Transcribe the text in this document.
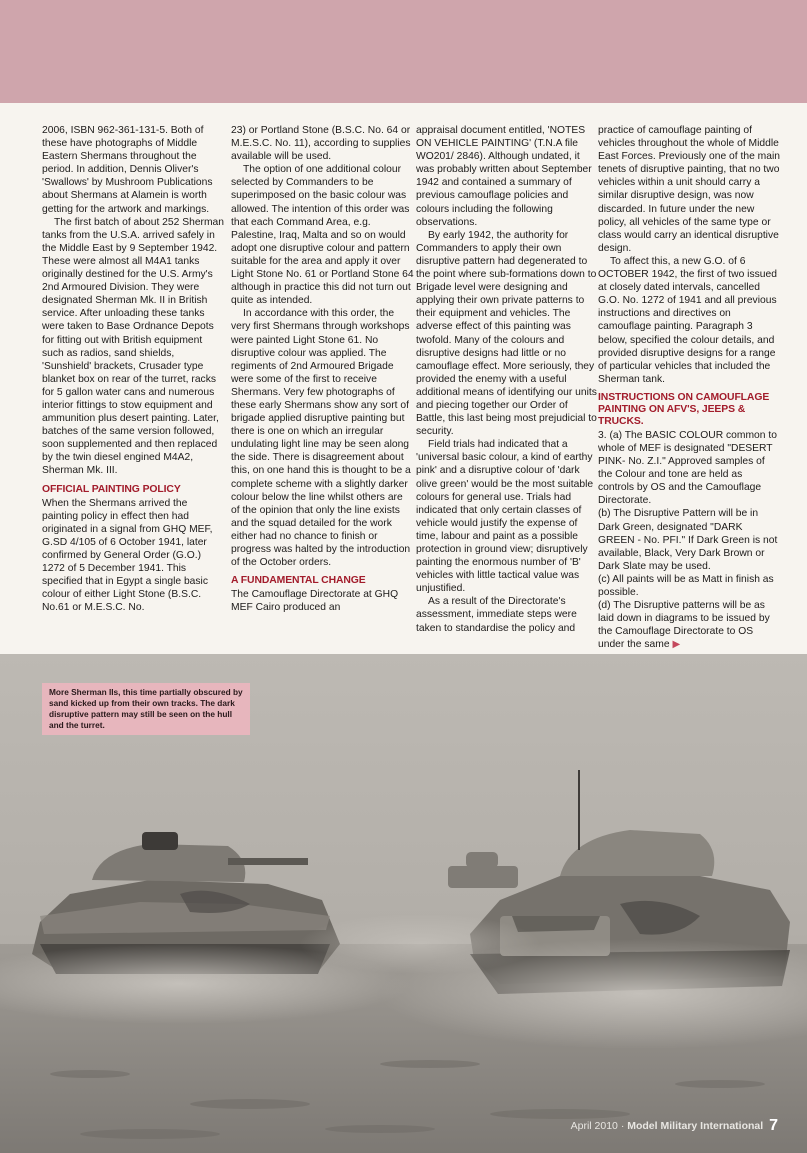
2006, ISBN 962-361-131-5. Both of these have photographs of Middle Eastern Shermans throughout the period. In addition, Dennis Oliver's 'Swallows' by Mushroom Publications about Shermans at Alamein is worth getting for the artwork and markings.

The first batch of about 252 Sherman tanks from the U.S.A. arrived safely in the Middle East by 9 September 1942. These were almost all M4A1 tanks originally destined for the U.S. Army's 2nd Armoured Division. They were designated Sherman Mk. II in British service. After unloading these tanks were taken to Base Ordnance Depots for fitting out with British equipment such as radios, sand shields, 'Sunshield' brackets, Crusader type blanket box on rear of the turret, racks for 5 gallon water cans and numerous interior fittings to stow equipment and ammunition plus desert painting. Later, batches of the same version followed, soon supplemented and then replaced by the twin diesel engined M4A2, Sherman Mk. III.

OFFICIAL PAINTING POLICY

When the Shermans arrived the painting policy in effect then had originated in a signal from GHQ MEF, G.SD 4/105 of 6 October 1941, later confirmed by General Order (G.O.) 1272 of 5 December 1941. This specified that in Egypt a single basic colour of either Light Stone (B.S.C. No.61 or M.E.S.C. No.

23) or Portland Stone (B.S.C. No. 64 or M.E.S.C. No. 11), according to supplies available will be used.

The option of one additional colour selected by Commanders to be superimposed on the basic colour was allowed. The intention of this order was that each Command Area, e.g. Palestine, Iraq, Malta and so on would adopt one disruptive colour and pattern suitable for the area and apply it over Light Stone No. 61 or Portland Stone 64 although in practice this did not turn out quite as intended.

In accordance with this order, the very first Shermans through workshops were painted Light Stone 61. No disruptive colour was applied. The regiments of 2nd Armoured Brigade were some of the first to receive Shermans. Very few photographs of these early Shermans show any sort of brigade applied disruptive painting but there is one on which an irregular undulating light line may be seen along the side. There is disagreement about this, on one hand this is thought to be a complete scheme with a slightly darker colour below the line whilst others are of the opinion that only the line exists and the squad detailed for the work either had no chance to finish or progress was halted by the introduction of the October orders.

A FUNDAMENTAL CHANGE

The Camouflage Directorate at GHQ MEF Cairo produced an

appraisal document entitled, 'NOTES ON VEHICLE PAINTING' (T.N.A file WO201/ 2846). Although undated, it was probably written about September 1942 and contained a summary of previous camouflage policies and colours including the following observations.

By early 1942, the authority for Commanders to apply their own disruptive pattern had degenerated to the point where sub-formations down to Brigade level were designing and applying their own private patterns to their equipment and vehicles. The adverse effect of this painting was twofold. Many of the colours and disruptive designs had little or no camouflage effect. More seriously, they provided the enemy with a useful additional means of identifying our units and piecing together our Order of Battle, this last being most prejudicial to security.

Field trials had indicated that a 'universal basic colour, a kind of earthy pink' and a disruptive colour of 'dark olive green' would be the most suitable colours for general use. Trials had indicated that only certain classes of vehicle would justify the expense of time, labour and paint as a possible protection in ground view; disruptively painting the enormous number of 'B' vehicles with little tactical value was unjustified.

As a result of the Directorate's assessment, immediate steps were taken to standardise the policy and

practice of camouflage painting of vehicles throughout the whole of Middle East Forces. Previously one of the main tenets of disruptive painting, that no two vehicles within a unit should carry a similar disruptive design, was now discarded. In future under the new policy, all vehicles of the same type or class would carry an identical disruptive design.

To affect this, a new G.O. of 6 OCTOBER 1942, the first of two issued at closely dated intervals, cancelled G.O. No. 1272 of 1941 and all previous instructions and directives on camouflage painting. Paragraph 3 below, specified the colour details, and provided disruptive designs for a range of particular vehicles that included the Sherman tank.

INSTRUCTIONS ON CAMOUFLAGE PAINTING ON AFV'S, JEEPS & TRUCKS.

3. (a) The BASIC COLOUR common to whole of MEF is designated "DESERT PINK- No. Z.I." Approved samples of the Colour and tone are held as controls by OS and the Camouflage Directorate.

(b) The Disruptive Pattern will be in Dark Green, designated "DARK GREEN - No. PFI." If Dark Green is not available, Black, Very Dark Brown or Dark Slate may be used.

(c) All paints will be as Matt in finish as possible.

(d) The Disruptive patterns will be as laid down in diagrams to be issued by the Camouflage Directorate to OS under the same ▶

More Sherman IIs, this time partially obscured by sand kicked up from their own tracks. The dark disruptive pattern may still be seen on the hull and the turret.
April 2010 · Model Military International 7
